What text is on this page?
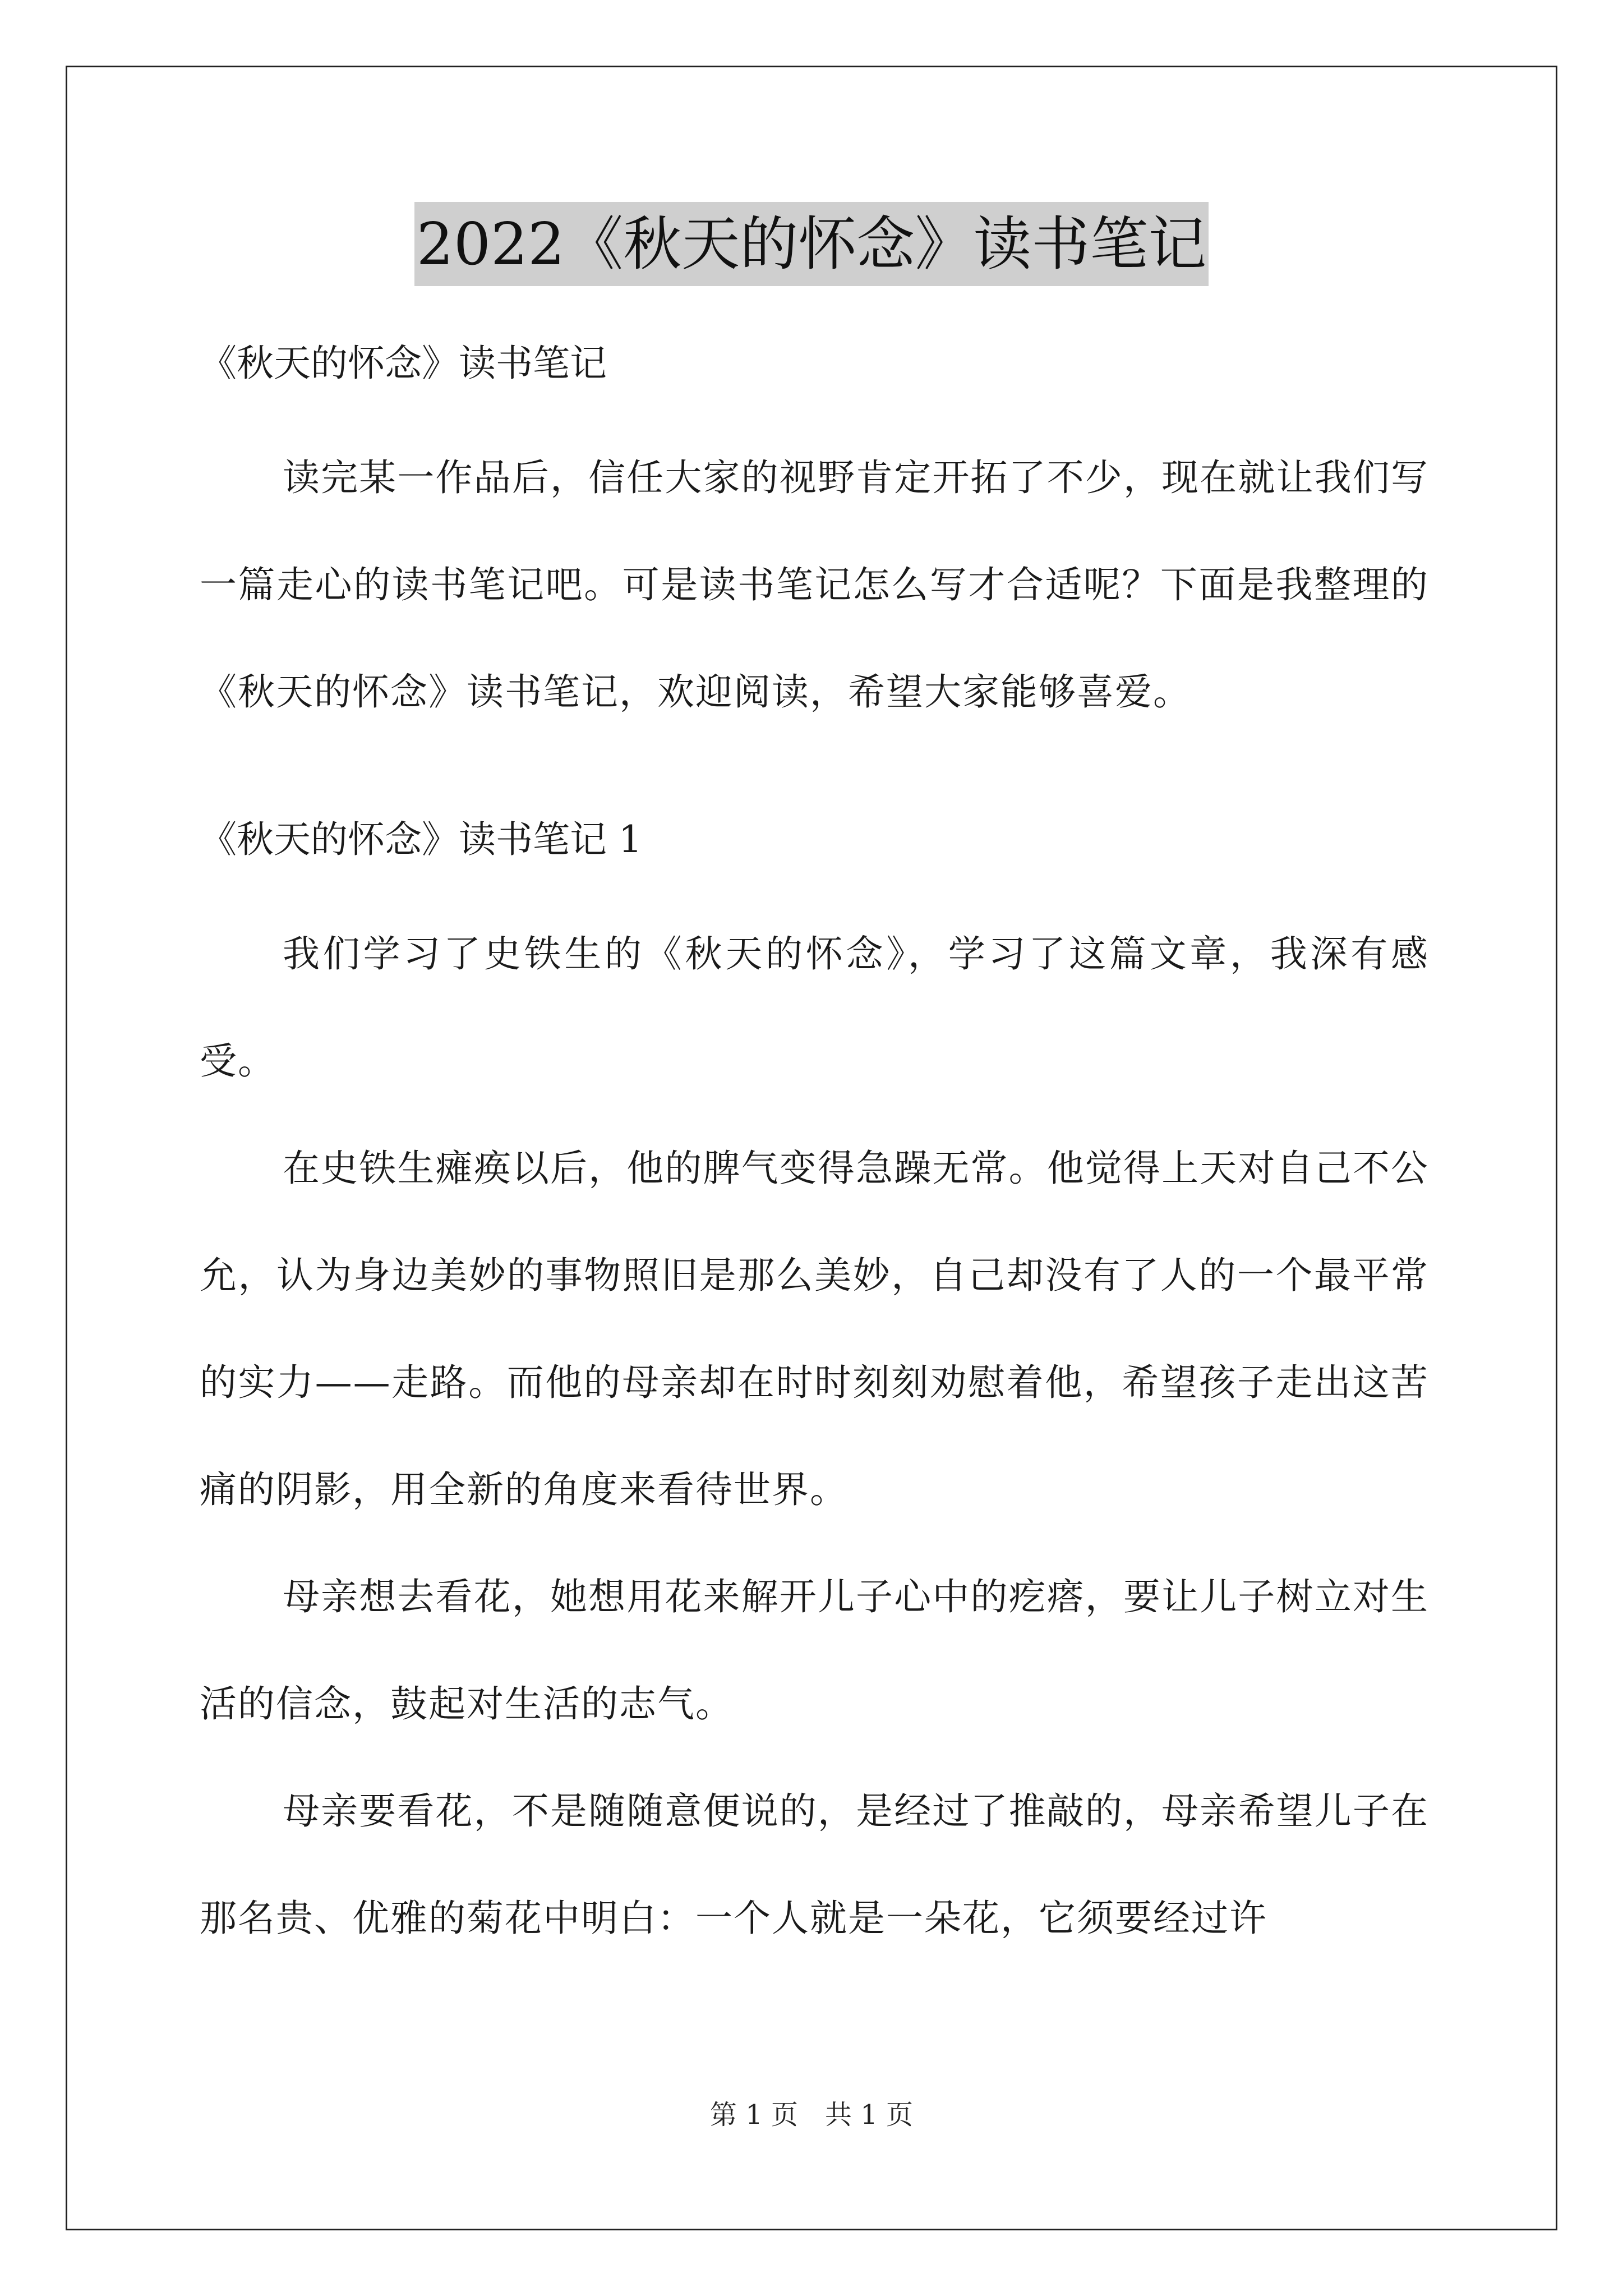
2022《秋天的怀念》读书笔记

《秋天的怀念》读书笔记

读完某一作品后，信任大家的视野肯定开拓了不少，现在就让我们写一篇走心的读书笔记吧。可是读书笔记怎么写才合适呢？下面是我整理的《秋天的怀念》读书笔记，欢迎阅读，希望大家能够喜爱。

《秋天的怀念》读书笔记 1

我们学习了史铁生的《秋天的怀念》，学习了这篇文章，我深有感受。

在史铁生瘫痪以后，他的脾气变得急躁无常。他觉得上天对自己不公允，认为身边美妙的事物照旧是那么美妙，自己却没有了人的一个最平常的实力——走路。而他的母亲却在时时刻刻劝慰着他，希望孩子走出这苦痛的阴影，用全新的角度来看待世界。

母亲想去看花，她想用花来解开儿子心中的疙瘩，要让儿子树立对生活的信念，鼓起对生活的志气。

母亲要看花，不是随随意便说的，是经过了推敲的，母亲希望儿子在那名贵、优雅的菊花中明白：一个人就是一朵花，它须要经过许

第 1 页 共 1 页
